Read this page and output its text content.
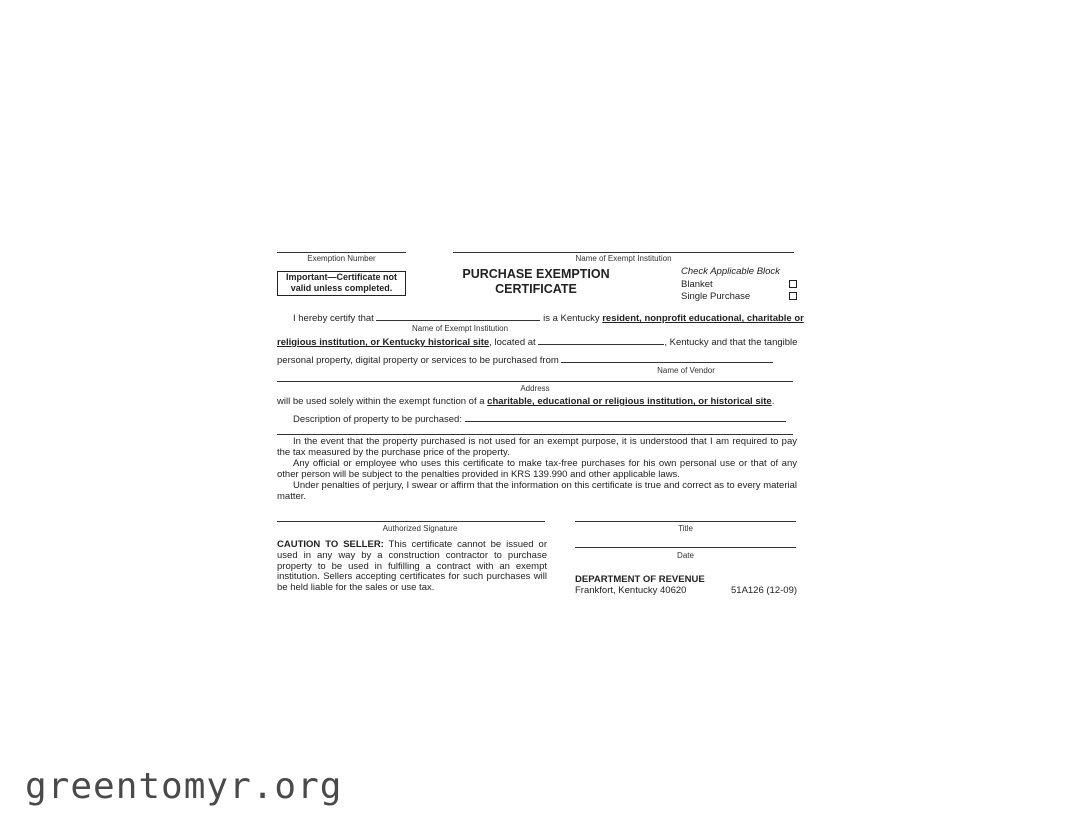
Exemption Number	Name of Exempt Institution
Important—Certificate not
valid unless completed.
PURCHASE EXEMPTION
CERTIFICATE
Check Applicable Block
Blanket
Single Purchase
I hereby certify that	is a Kentucky resident, nonprofit educational, charitable or
Name of Exempt Institution
religious institution, or Kentucky historical site, located at	, Kentucky and that the tangible
personal property, digital property or services to be purchased from
Name of Vendor
Address
will be used solely within the exempt function of a charitable, educational or religious institution, or historical site.
Description of property to be purchased:
In the event that the property purchased is not used for an exempt purpose, it is understood that I am required to pay the tax measured by the purchase price of the property.
Any official or employee who uses this certificate to make tax-free purchases for his own personal use or that of any other person will be subject to the penalties provided in KRS 139.990 and other applicable laws.
Under penalties of perjury, I swear or affirm that the information on this certificate is true and correct as to every material matter.
Authorized Signature	Title
Date
CAUTION TO SELLER: This certificate cannot be issued or used in any way by a construction contractor to purchase property to be used in fulfilling a contract with an exempt institution. Sellers accepting certificates for such purchases will be held liable for the sales or use tax.
DEPARTMENT OF REVENUE
Frankfort, Kentucky 40620	51A126 (12-09)
greentomyr.org
